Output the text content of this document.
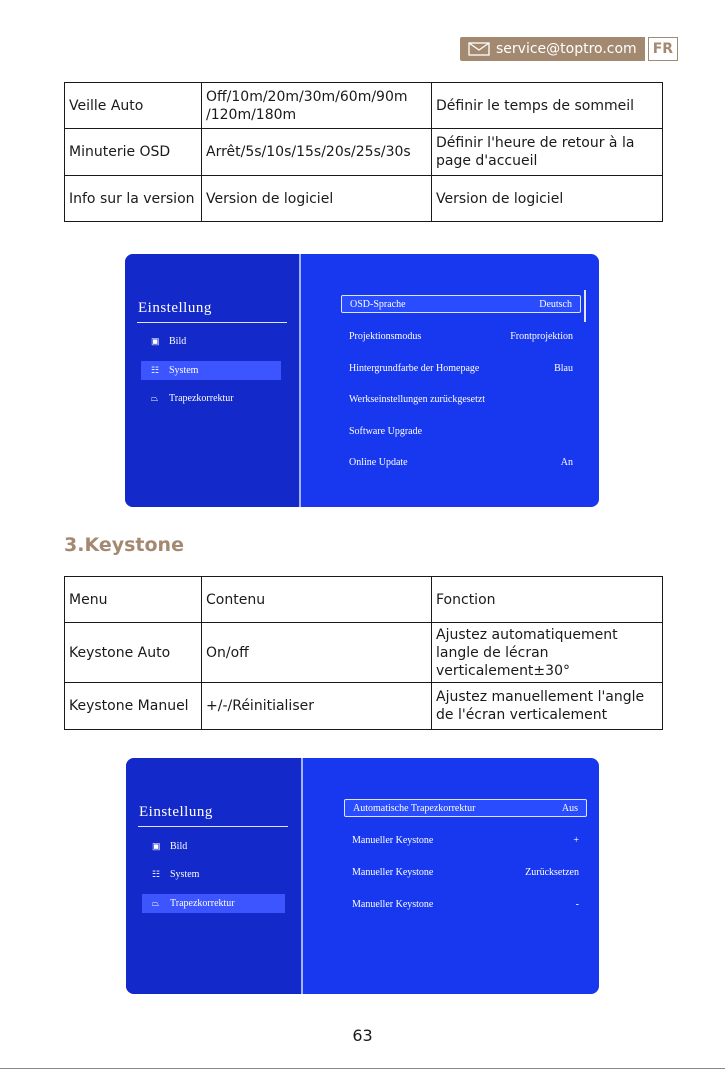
service@toptro.com	FR
Veille Auto	Off/10m/20m/30m/60m/90m /120m/180m	Définir le temps de sommeil
Minuterie OSD	Arrêt/5s/10s/15s/20s/25s/30s	Définir l'heure de retour à la page d'accueil
Info sur la version	Version de logiciel	Version de logiciel
Einstellung
▣ Bild
☷ System
⏢	Trapezkorrektur
OSD-Sprache	Deutsch
Projektionsmodus	Frontprojektion
Hintergrundfarbe der Homepage	Blau
Werkseinstellungen zurückgesetzt
Software Upgrade
Online Update	An
3.Keystone
Menu	Contenu	Fonction
Keystone Auto	On/off	Ajustez automatiquement langle de lécran verticalement±30°
Keystone Manuel	+/-/Réinitialiser	Ajustez manuellement l'angle de l'écran verticalement
Einstellung
▣ Bild
☷ System
⏢	Trapezkorrektur
Automatische Trapezkorrektur	Aus
Manueller Keystone	+
Manueller Keystone	Zurücksetzen
Manueller Keystone	-
63
